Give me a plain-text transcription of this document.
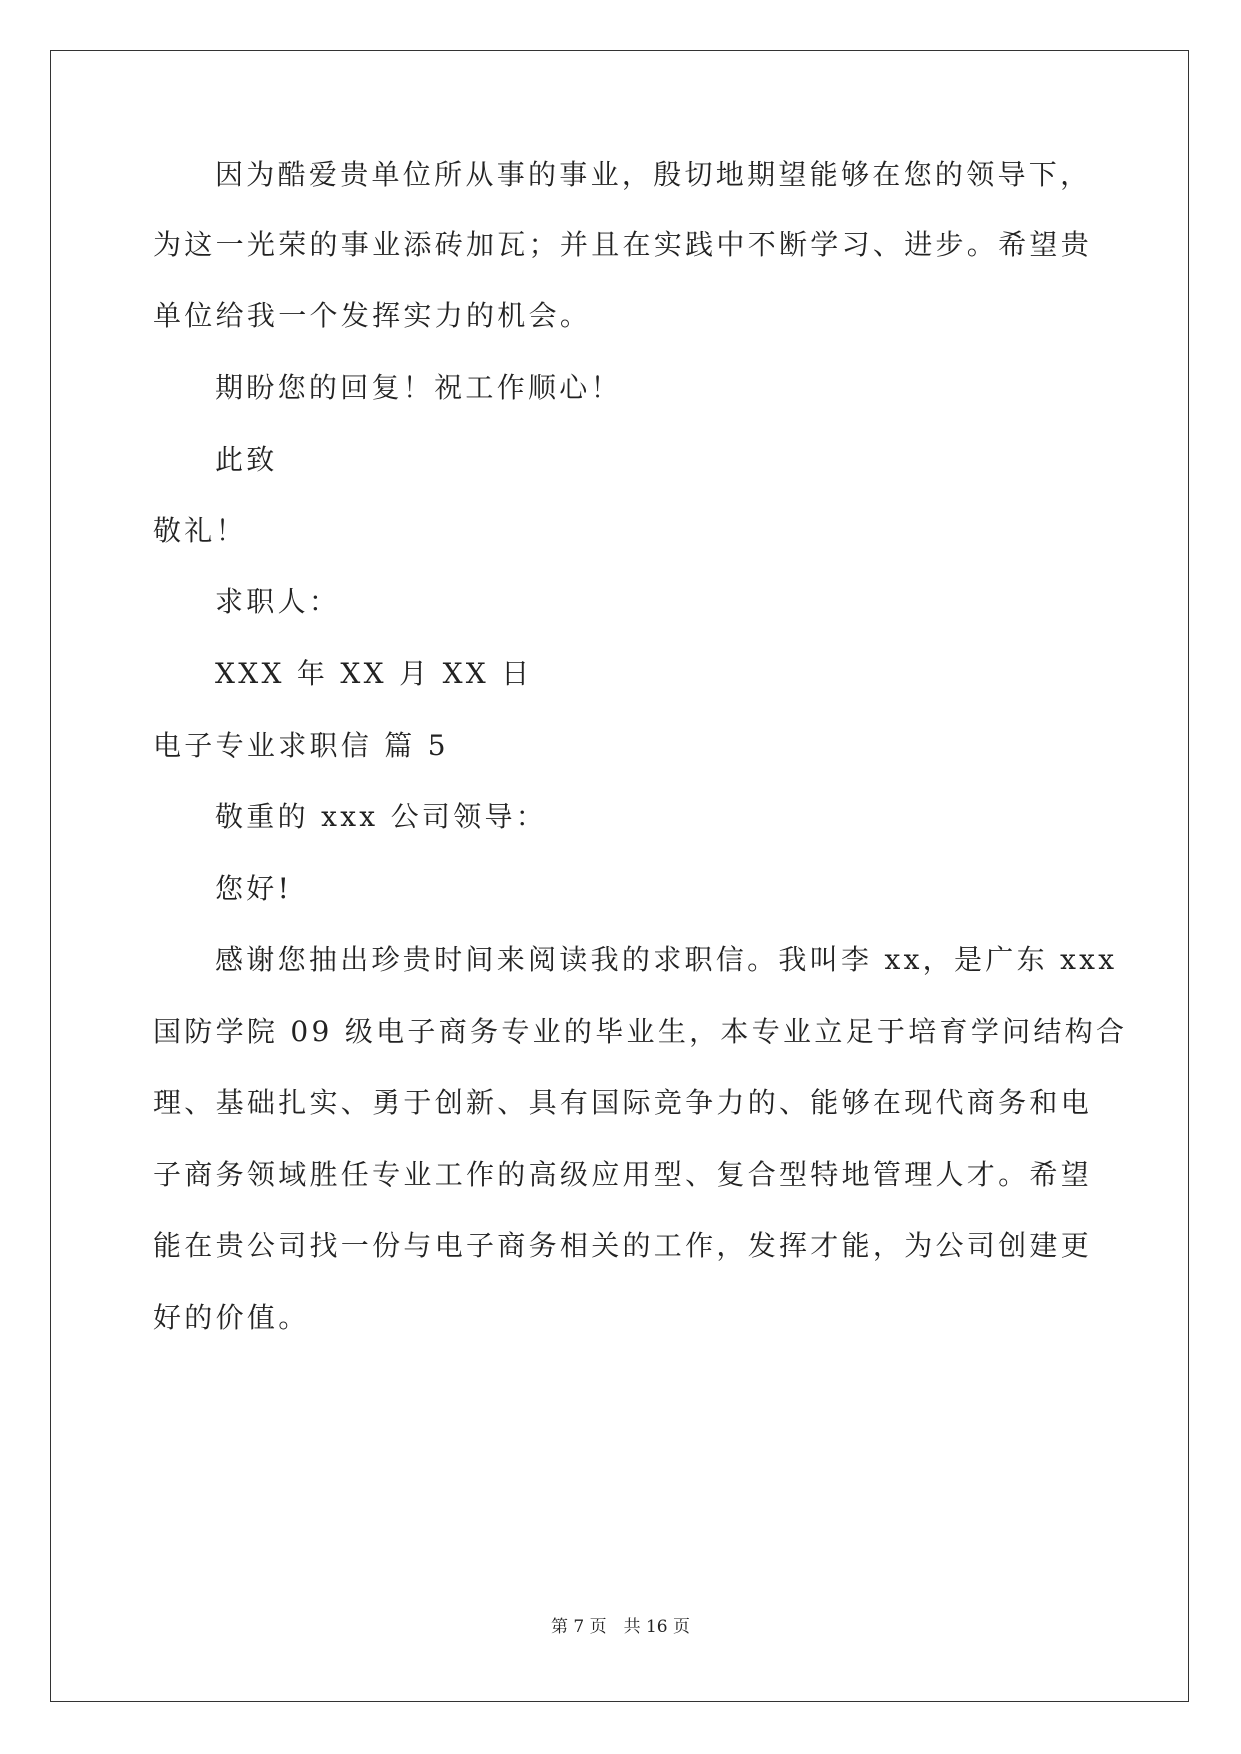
因为酷爱贵单位所从事的事业，殷切地期望能够在您的领导下，
为这一光荣的事业添砖加瓦；并且在实践中不断学习、进步。希望贵
单位给我一个发挥实力的机会。
期盼您的回复！祝工作顺心！
此致
敬礼！
求职人：
XXX 年 XX 月 XX 日
电子专业求职信 篇 5
敬重的 xxx 公司领导：
您好!
感谢您抽出珍贵时间来阅读我的求职信。我叫李 xx，是广东 xxx
国防学院 09 级电子商务专业的毕业生，本专业立足于培育学问结构合
理、基础扎实、勇于创新、具有国际竞争力的、能够在现代商务和电
子商务领域胜任专业工作的高级应用型、复合型特地管理人才。希望
能在贵公司找一份与电子商务相关的工作，发挥才能，为公司创建更
好的价值。
第 7 页　共 16 页
